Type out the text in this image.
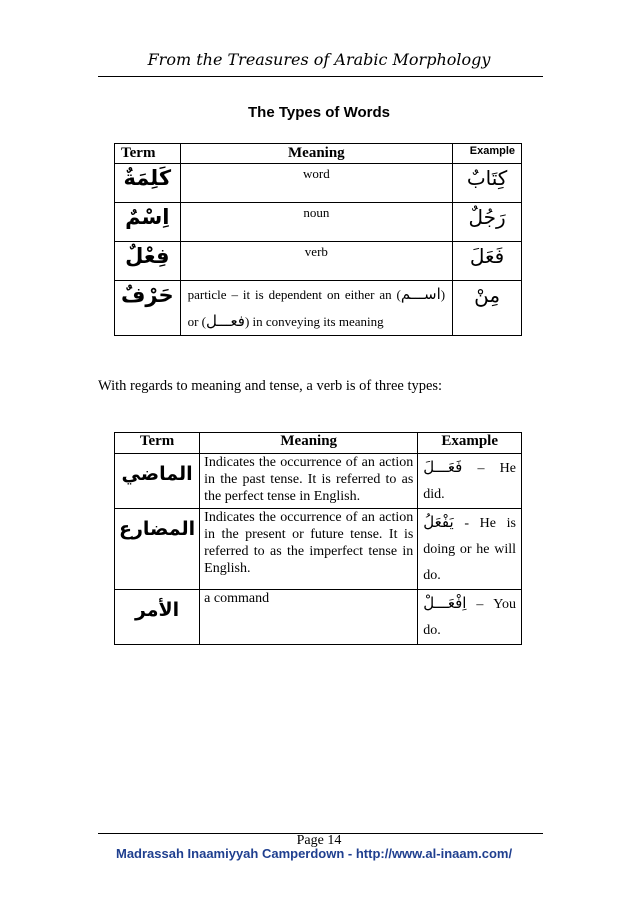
From the Treasures of Arabic Morphology
The Types of Words
Term	Meaning	Example
كَلِمَةٌ	word	كِتَابٌ
اِسْمٌ	noun	رَجُلٌ
فِعْلٌ	verb	فَعَلَ
حَرْفٌ	particle – it is dependent on either an (اســـم) or (فعـــل) in conveying its meaning	مِنْ
With regards to meaning and tense, a verb is of three types:
Term	Meaning	Example
الماضي	Indicates the occurrence of an action in the past tense. It is referred to as the perfect tense in English.	فَعَـــلَ – He did.
المضارع	Indicates the occurrence of an action in the present or future tense. It is referred to as the imperfect tense in English.	يَفْعَلُ - He is doing or he will do.
الأمر	a command	اِفْعَـــلْ – You do.
Page 14
Madrassah Inaamiyyah Camperdown - http://www.al-inaam.com/
